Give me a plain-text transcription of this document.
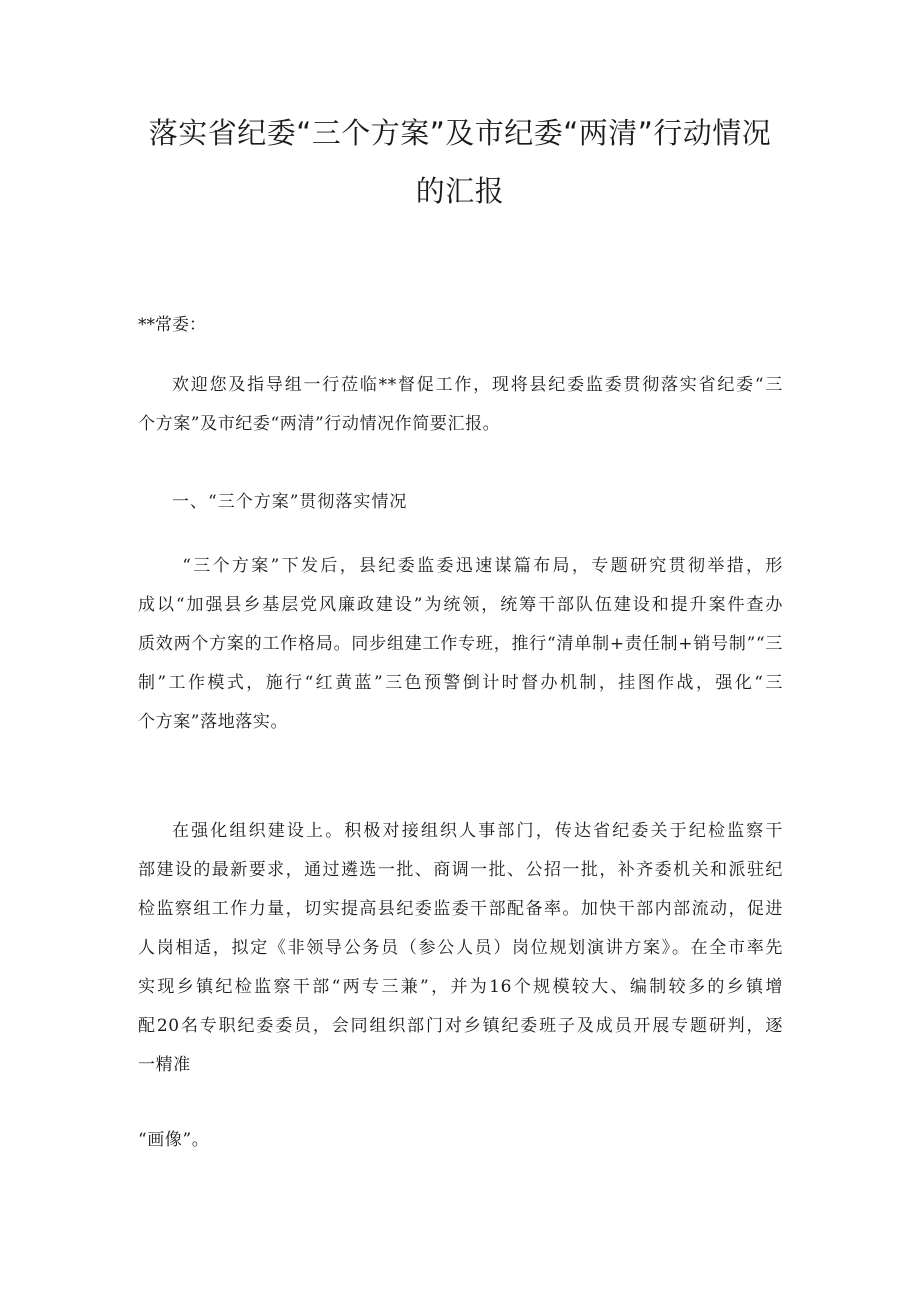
落实省纪委“三个方案”及市纪委“两清”行动情况
的汇报

**常委：

欢迎您及指导组一行莅临**督促工作，现将县纪委监委贯彻落实省纪委“三
个方案”及市纪委“两清”行动情况作简要汇报。

一、“三个方案”贯彻落实情况

“三个方案”下发后，县纪委监委迅速谋篇布局，专题研究贯彻举措，形
成以“加强县乡基层党风廉政建设”为统领，统筹干部队伍建设和提升案件查办
质效两个方案的工作格局。同步组建工作专班，推行“清单制+责任制+销号制”“三
制”工作模式，施行“红黄蓝”三色预警倒计时督办机制，挂图作战，强化“三
个方案”落地落实。

在强化组织建设上。积极对接组织人事部门，传达省纪委关于纪检监察干
部建设的最新要求，通过遴选一批、商调一批、公招一批，补齐委机关和派驻纪
检监察组工作力量，切实提高县纪委监委干部配备率。加快干部内部流动，促进
人岗相适，拟定《非领导公务员（参公人员）岗位规划演讲方案》。在全市率先
实现乡镇纪检监察干部“两专三兼”，并为16个规模较大、编制较多的乡镇增
配20名专职纪委委员，会同组织部门对乡镇纪委班子及成员开展专题研判，逐
一精准

“画像”。
